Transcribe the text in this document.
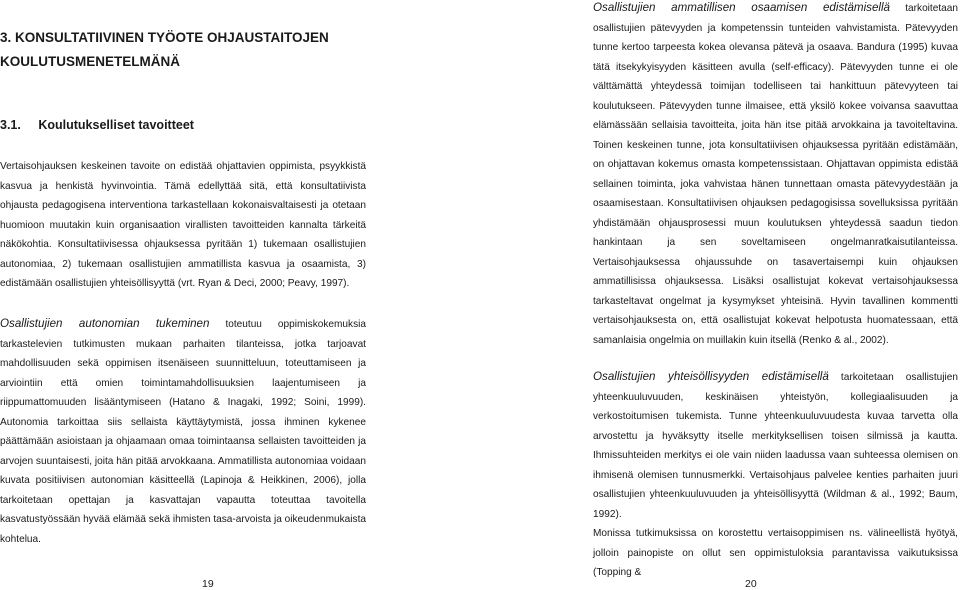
3. KONSULTATIIVINEN TYÖOTE OHJAUSTAITOJEN KOULUTUSMENETELMÄNÄ
3.1. Koulutukselliset tavoitteet

Vertaisohjauksen keskeinen tavoite on edistää ohjattavien oppimista, psyykkistä kasvua ja henkistä hyvinvointia. Tämä edellyttää sitä, että konsultatiivista ohjausta pedagogisena interventiona tarkastellaan kokonaisvaltaisesti ja otetaan huomioon muutakin kuin organisaation virallisten tavoitteiden kannalta tärkeitä näkökohtia. Konsultatiivisessa ohjauksessa pyritään 1) tukemaan osallistujien autonomiaa, 2) tukemaan osallistujien ammatillista kasvua ja osaamista, 3) edistämään osallistujien yhteisöllisyyttä (vrt. Ryan & Deci, 2000; Peavy, 1997).

Osallistujien autonomian tukeminen toteutuu oppimiskokemuksia tarkastelevien tutkimusten mukaan parhaiten tilanteissa, jotka tarjoavat mahdollisuuden sekä oppimisen itsenäiseen suunnitteluun, toteuttamiseen ja arviointiin että omien toimintamahdollisuuksien laajentumiseen ja riippumattomuuden lisääntymiseen (Hatano & Inagaki, 1992; Soini, 1999). Autonomia tarkoittaa siis sellaista käyttäytymistä, jossa ihminen kykenee päättämään asioistaan ja ohjaamaan omaa toimintaansa sellaisten tavoitteiden ja arvojen suuntaisesti, joita hän pitää arvokkaana. Ammatillista autonomiaa voidaan kuvata positiivisen autonomian käsitteellä (Lapinoja & Heikkinen, 2006), jolla tarkoitetaan opettajan ja kasvattajan vapautta toteuttaa tavoitella kasvatustyössään hyvää elämää sekä ihmisten tasa-arvoista ja oikeudenmukaista kohtelua.

19

Osallistujien ammatillisen osaamisen edistämisellä tarkoitetaan osallistujien pätevyyden ja kompetenssin tunteiden vahvistamista. Pätevyyden tunne kertoo tarpeesta kokea olevansa pätevä ja osaava. Bandura (1995) kuvaa tätä itsekykyisyyden käsitteen avulla (self-efficacy). Pätevyyden tunne ei ole välttämättä yhteydessä toimijan todelliseen tai hankittuun pätevyyteen tai koulutukseen. Pätevyyden tunne ilmaisee, että yksilö kokee voivansa saavuttaa elämässään sellaisia tavoitteita, joita hän itse pitää arvokkaina ja tavoiteltavina. Toinen keskeinen tunne, jota konsultatiivisen ohjauksessa pyritään edistämään, on ohjattavan kokemus omasta kompetenssistaan. Ohjattavan oppimista edistää sellainen toiminta, joka vahvistaa hänen tunnettaan omasta pätevyydestään ja osaamisestaan. Konsultatiivisen ohjauksen pedagogisissa sovelluksissa pyritään yhdistämään ohjausprosessi muun koulutuksen yhteydessä saadun tiedon hankintaan ja sen soveltamiseen ongelmanratkaisutilanteissa. Vertaisohjauksessa ohjaussuhde on tasavertaisempi kuin ohjauksen ammatillisissa ohjauksessa. Lisäksi osallistujat kokevat vertaisohjauksessa tarkasteltavat ongelmat ja kysymykset yhteisinä. Hyvin tavallinen kommentti vertaisohjauksesta on, että osallistujat kokevat helpotusta huomatessaan, että samanlaisia ongelmia on muillakin kuin itsellä (Renko & al., 2002).

Osallistujien yhteisöllisyyden edistämisellä tarkoitetaan osallistujien yhteenkuuluvuuden, keskinäisen yhteistyön, kollegiaalisuuden ja verkostoitumisen tukemista. Tunne yhteenkuuluvuudesta kuvaa tarvetta olla arvostettu ja hyväksytty itselle merkityksellisen toisen silmissä ja kautta. Ihmissuhteiden merkitys ei ole vain niiden laadussa vaan suhteessa olemisen on ihmisenä olemisen tunnusmerkki. Vertaisohjaus palvelee kenties parhaiten juuri osallistujien yhteenkuuluvuuden ja yhteisöllisyyttä (Wildman & al., 1992; Baum, 1992).

Monissa tutkimuksissa on korostettu vertaisoppimisen ns. välineellistä hyötyä, jolloin painopiste on ollut sen oppimistuloksia parantavissa vaikutuksissa (Topping &

20
